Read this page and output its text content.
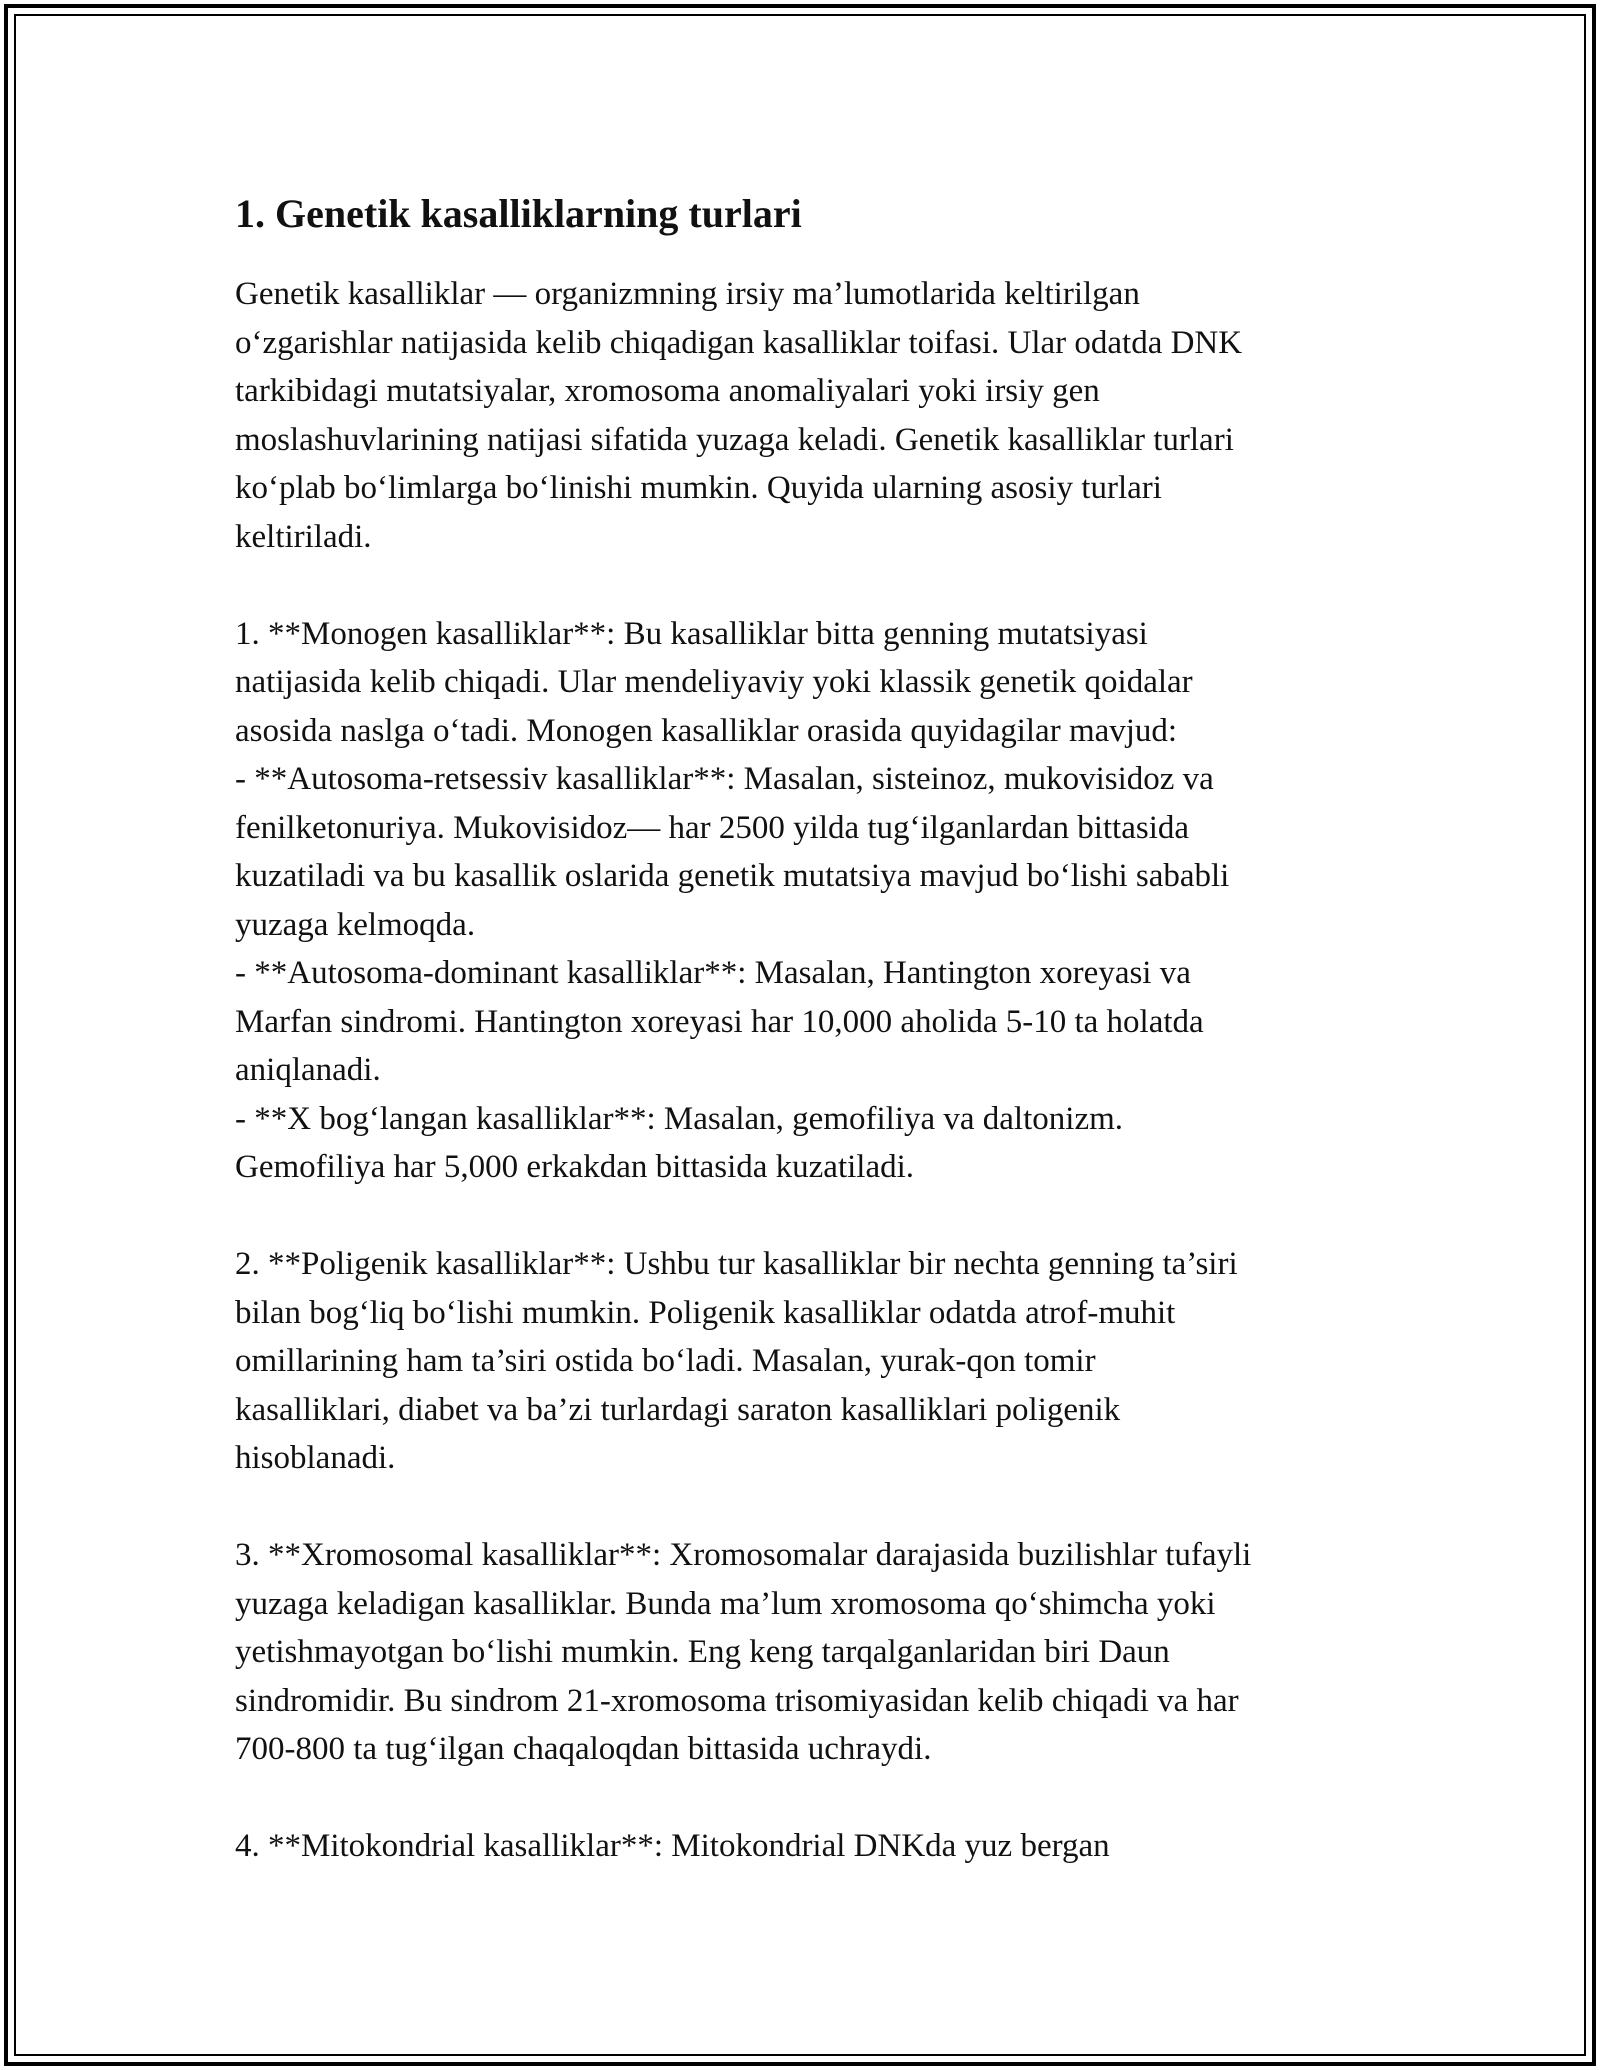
1. Genetik kasalliklarning turlari

Genetik kasalliklar — organizmning irsiy ma’lumotlarida keltirilgan
o‘zgarishlar natijasida kelib chiqadigan kasalliklar toifasi. Ular odatda DNK
tarkibidagi mutatsiyalar, xromosoma anomaliyalari yoki irsiy gen
moslashuvlarining natijasi sifatida yuzaga keladi. Genetik kasalliklar turlari
ko‘plab bo‘limlarga bo‘linishi mumkin. Quyida ularning asosiy turlari
keltiriladi.

1. **Monogen kasalliklar**: Bu kasalliklar bitta genning mutatsiyasi
natijasida kelib chiqadi. Ular mendeliyaviy yoki klassik genetik qoidalar
asosida naslga o‘tadi. Monogen kasalliklar orasida quyidagilar mavjud:
- **Autosoma-retsessiv kasalliklar**: Masalan, sisteinoz, mukovisidoz va
fenilketonuriya. Mukovisidoz— har 2500 yilda tug‘ilganlardan bittasida
kuzatiladi va bu kasallik oslarida genetik mutatsiya mavjud bo‘lishi sababli
yuzaga kelmoqda.
- **Autosoma-dominant kasalliklar**: Masalan, Hantington xoreyasi va
Marfan sindromi. Hantington xoreyasi har 10,000 aholida 5-10 ta holatda
aniqlanadi.
- **X bog‘langan kasalliklar**: Masalan, gemofiliya va daltonizm.
Gemofiliya har 5,000 erkakdan bittasida kuzatiladi.

2. **Poligenik kasalliklar**: Ushbu tur kasalliklar bir nechta genning ta’siri
bilan bog‘liq bo‘lishi mumkin. Poligenik kasalliklar odatda atrof-muhit
omillarining ham ta’siri ostida bo‘ladi. Masalan, yurak-qon tomir
kasalliklari, diabet va ba’zi turlardagi saraton kasalliklari poligenik
hisoblanadi.

3. **Xromosomal kasalliklar**: Xromosomalar darajasida buzilishlar tufayli
yuzaga keladigan kasalliklar. Bunda ma’lum xromosoma qo‘shimcha yoki
yetishmayotgan bo‘lishi mumkin. Eng keng tarqalganlaridan biri Daun
sindromidir. Bu sindrom 21-xromosoma trisomiyasidan kelib chiqadi va har
700-800 ta tug‘ilgan chaqaloqdan bittasida uchraydi.

4. **Mitokondrial kasalliklar**: Mitokondrial DNKda yuz bergan
